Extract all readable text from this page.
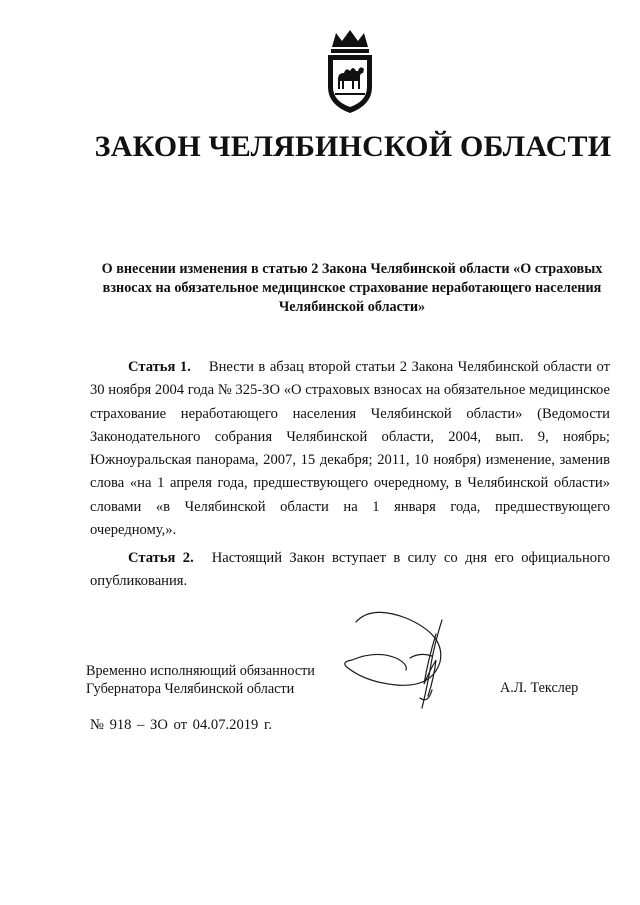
ЗАКОН ЧЕЛЯБИНСКОЙ ОБЛАСТИ

О внесении изменения в статью 2 Закона Челябинской области «О страховых взносах на обязательное медицинское страхование неработающего населения Челябинской области»

Статья 1. Внести в абзац второй статьи 2 Закона Челябинской области от 30 ноября 2004 года № 325-ЗО «О страховых взносах на обязательное медицинское страхование неработающего населения Челябинской области» (Ведомости Законодательного собрания Челябинской области, 2004, вып. 9, ноябрь; Южноуральская панорама, 2007, 15 декабря; 2011, 10 ноября) изменение, заменив слова «на 1 апреля года, предшествующего очередному, в Челябинской области» словами «в Челябинской области на 1 января года, предшествующего очередному,».

Статья 2. Настоящий Закон вступает в силу со дня его официального опубликования.

Временно исполняющий обязанности
Губернатора Челябинской области	А.Л. Текслер
№ 918 – ЗО от 04.07.2019 г.
